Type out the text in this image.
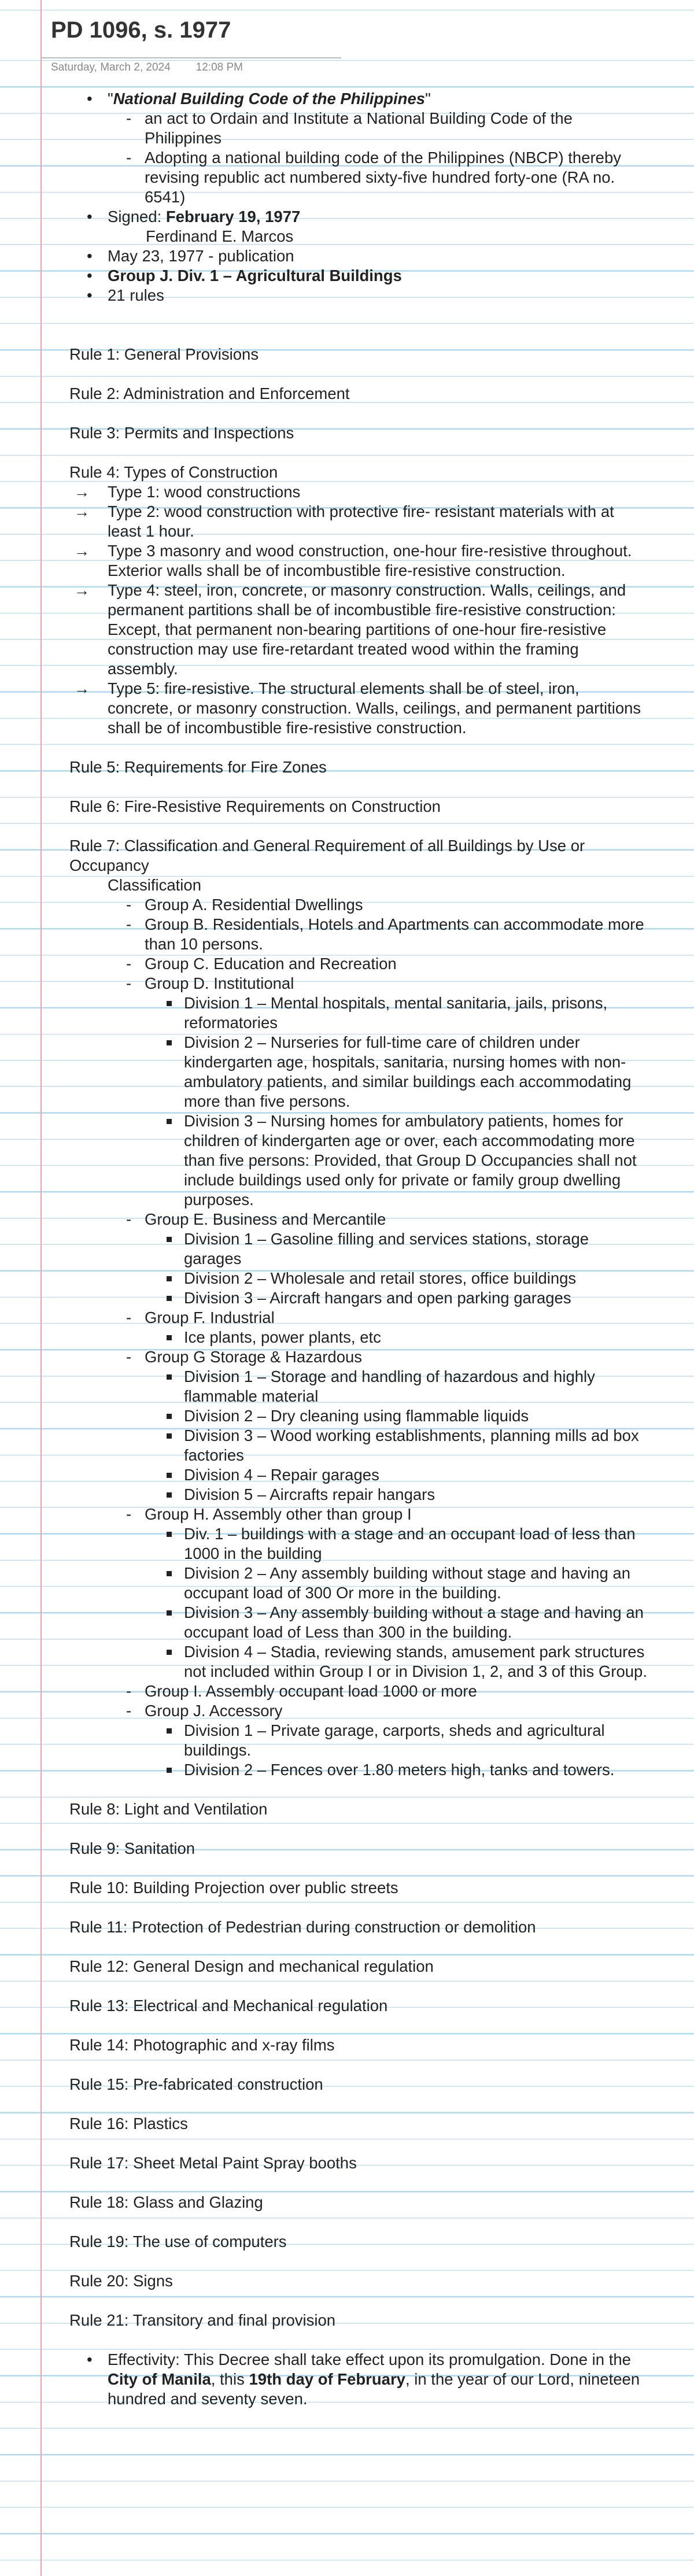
PD 1096, s. 1977
Saturday, March 2, 2024 12:08 PM
• "National Building Code of the Philippines"
- an act to Ordain and Institute a National Building Code of the Philippines
- Adopting a national building code of the Philippines (NBCP) thereby revising republic act numbered sixty-five hundred forty-one (RA no. 6541)
• Signed: February 19, 1977
Ferdinand E. Marcos
• May 23, 1977 - publication
• Group J. Div. 1 – Agricultural Buildings
• 21 rules
Rule 1: General Provisions
Rule 2: Administration and Enforcement
Rule 3: Permits and Inspections
Rule 4: Types of Construction
→ Type 1: wood constructions
→ Type 2: wood construction with protective fire- resistant materials with at least 1 hour.
→ Type 3 masonry and wood construction, one-hour fire-resistive throughout. Exterior walls shall be of incombustible fire-resistive construction.
→ Type 4: steel, iron, concrete, or masonry construction. Walls, ceilings, and permanent partitions shall be of incombustible fire-resistive construction: Except, that permanent non-bearing partitions of one-hour fire-resistive construction may use fire-retardant treated wood within the framing assembly.
→ Type 5: fire-resistive. The structural elements shall be of steel, iron, concrete, or masonry construction. Walls, ceilings, and permanent partitions shall be of incombustible fire-resistive construction.
Rule 5: Requirements for Fire Zones
Rule 6: Fire-Resistive Requirements on Construction
Rule 7: Classification and General Requirement of all Buildings by Use or Occupancy
Classification
- Group A. Residential Dwellings
- Group B. Residentials, Hotels and Apartments can accommodate more than 10 persons.
- Group C. Education and Recreation
- Group D. Institutional
Division 1 – Mental hospitals, mental sanitaria, jails, prisons, reformatories
Division 2 – Nurseries for full-time care of children under kindergarten age, hospitals, sanitaria, nursing homes with non-ambulatory patients, and similar buildings each accommodating more than five persons.
Division 3 – Nursing homes for ambulatory patients, homes for children of kindergarten age or over, each accommodating more than five persons: Provided, that Group D Occupancies shall not include buildings used only for private or family group dwelling purposes.
- Group E. Business and Mercantile
Division 1 – Gasoline filling and services stations, storage garages
Division 2 – Wholesale and retail stores, office buildings
Division 3 – Aircraft hangars and open parking garages
- Group F. Industrial
Ice plants, power plants, etc
- Group G Storage & Hazardous
Division 1 – Storage and handling of hazardous and highly flammable material
Division 2 – Dry cleaning using flammable liquids
Division 3 – Wood working establishments, planning mills ad box factories
Division 4 – Repair garages
Division 5 – Aircrafts repair hangars
- Group H. Assembly other than group I
Div. 1 – buildings with a stage and an occupant load of less than 1000 in the building
Division 2 – Any assembly building without stage and having an occupant load of 300 Or more in the building.
Division 3 – Any assembly building without a stage and having an occupant load of Less than 300 in the building.
Division 4 – Stadia, reviewing stands, amusement park structures not included within Group I or in Division 1, 2, and 3 of this Group.
- Group I. Assembly occupant load 1000 or more
- Group J. Accessory
Division 1 – Private garage, carports, sheds and agricultural buildings.
Division 2 – Fences over 1.80 meters high, tanks and towers.
Rule 8: Light and Ventilation
Rule 9: Sanitation
Rule 10: Building Projection over public streets
Rule 11: Protection of Pedestrian during construction or demolition
Rule 12: General Design and mechanical regulation
Rule 13: Electrical and Mechanical regulation
Rule 14: Photographic and x-ray films
Rule 15: Pre-fabricated construction
Rule 16: Plastics
Rule 17: Sheet Metal Paint Spray booths
Rule 18: Glass and Glazing
Rule 19: The use of computers
Rule 20: Signs
Rule 21: Transitory and final provision
• Effectivity: This Decree shall take effect upon its promulgation. Done in the City of Manila, this 19th day of February, in the year of our Lord, nineteen hundred and seventy seven.
